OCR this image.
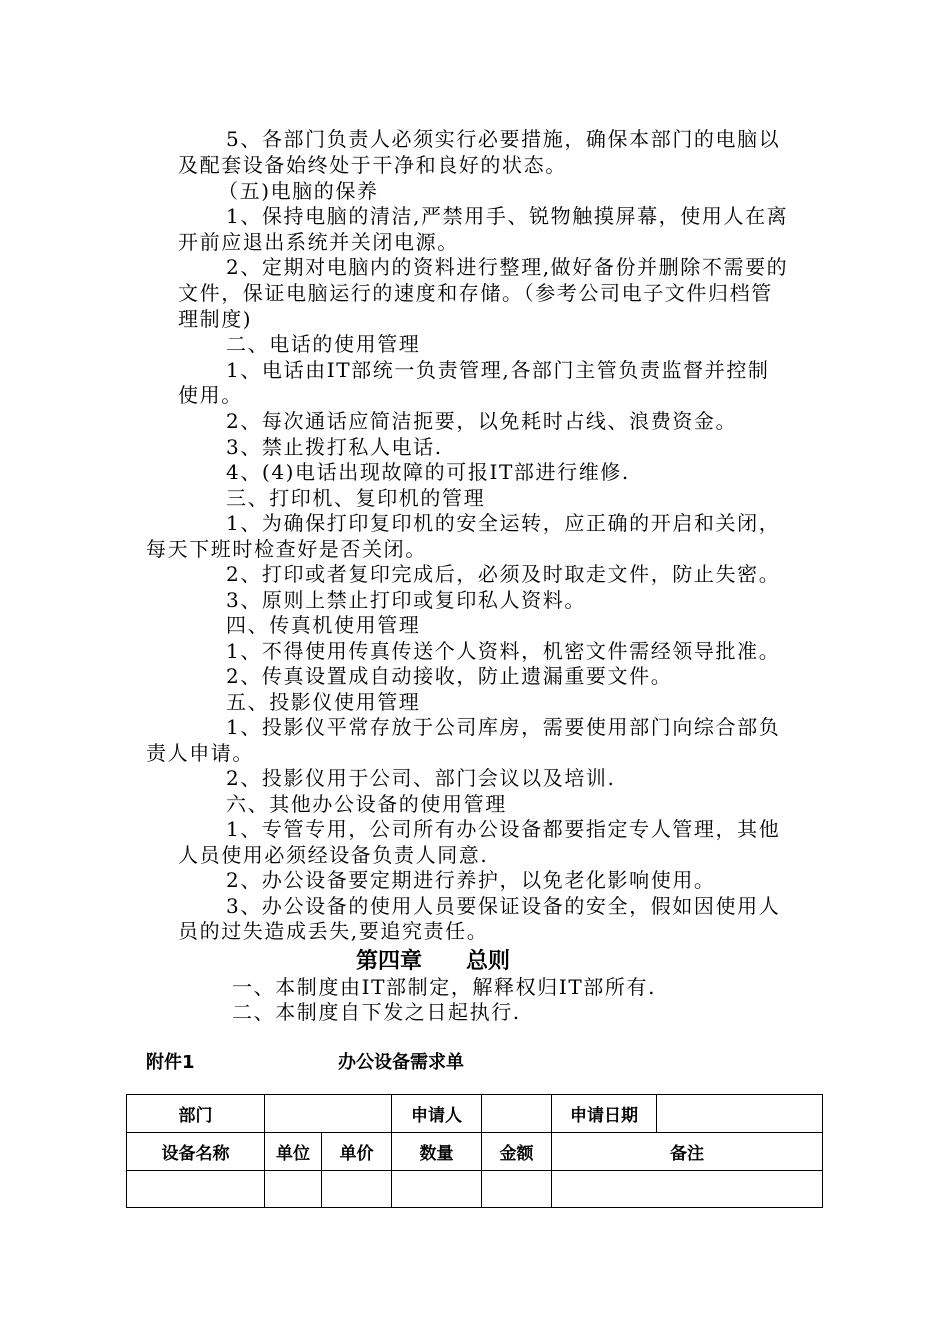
5、各部门负责人必须实行必要措施，确保本部门的电脑以
及配套设备始终处于干净和良好的状态。
（五)电脑的保养
1、保持电脑的清洁,严禁用手、锐物触摸屏幕，使用人在离
开前应退出系统并关闭电源。
2、定期对电脑内的资料进行整理,做好备份并删除不需要的
文件，保证电脑运行的速度和存储。（参考公司电子文件归档管
理制度)
二、电话的使用管理
1、电话由IT部统一负责管理,各部门主管负责监督并控制
使用。
2、每次通话应简洁扼要，以免耗时占线、浪费资金。
3、禁止拨打私人电话.
4、(4)电话出现故障的可报IT部进行维修.
三、打印机、复印机的管理
1、为确保打印复印机的安全运转，应正确的开启和关闭，
每天下班时检查好是否关闭。
2、打印或者复印完成后，必须及时取走文件，防止失密。
3、原则上禁止打印或复印私人资料。
四、传真机使用管理
1、不得使用传真传送个人资料，机密文件需经领导批准。
2、传真设置成自动接收，防止遗漏重要文件。
五、投影仪使用管理
1、投影仪平常存放于公司库房，需要使用部门向综合部负
责人申请。
2、投影仪用于公司、部门会议以及培训.
六、其他办公设备的使用管理
1、专管专用，公司所有办公设备都要指定专人管理，其他
人员使用必须经设备负责人同意.
2、办公设备要定期进行养护，以免老化影响使用。
3、办公设备的使用人员要保证设备的安全，假如因使用人
员的过失造成丢失,要追究责任。
第四章 总则
一、本制度由IT部制定，解释权归IT部所有.
二、本制度自下发之日起执行.
附件1	办公设备需求单
部门			申请人		申请日期	
设备名称	单位	单价	数量	金额	备注	
